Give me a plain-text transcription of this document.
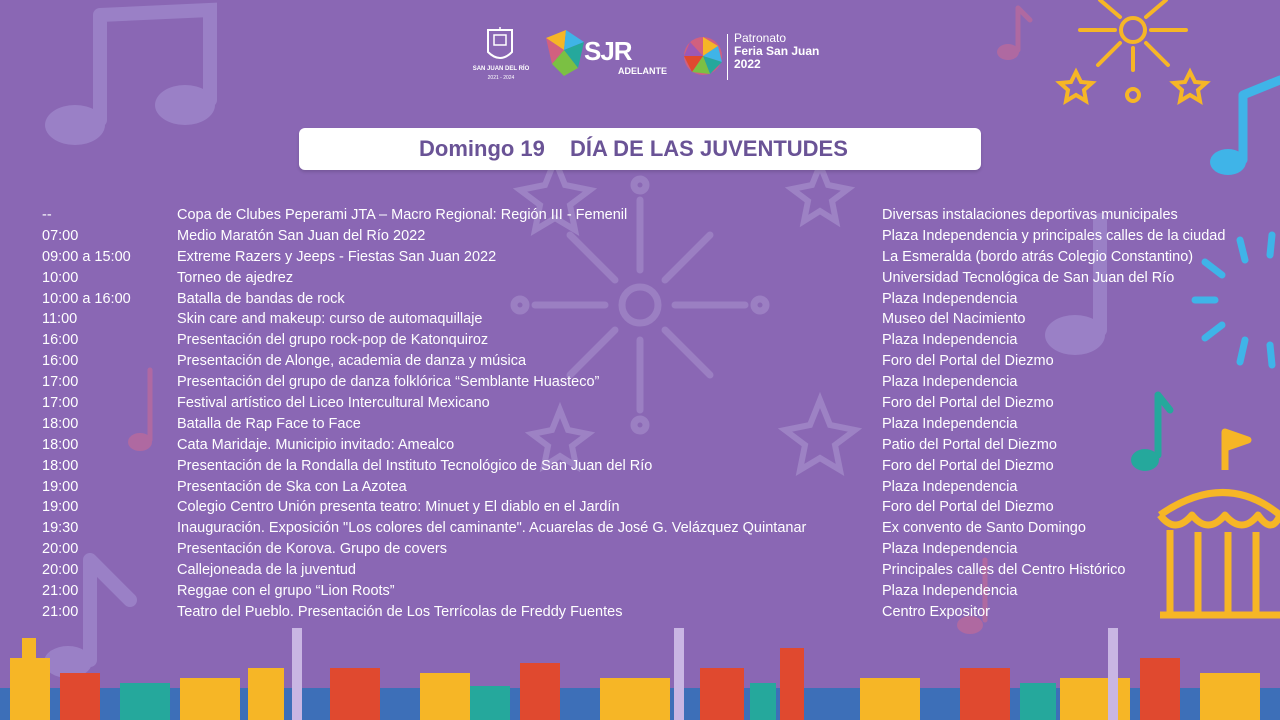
SAN JUAN DEL RÍO
2021 - 2024
SJR
ADELANTE
Patronato
Feria San Juan
2022
Domingo 19 DÍA DE LAS JUVENTUDES
--	Copa de Clubes Peperami JTA – Macro Regional: Región III - Femenil	Diversas instalaciones deportivas municipales
07:00	Medio Maratón San Juan del Río 2022	Plaza Independencia y principales calles de la ciudad
09:00 a 15:00	Extreme Razers y Jeeps - Fiestas San Juan 2022	La Esmeralda (bordo atrás Colegio Constantino)
10:00	Torneo de ajedrez	Universidad Tecnológica de San Juan del Río
10:00 a 16:00	Batalla de bandas de rock	Plaza Independencia
11:00	Skin care and makeup: curso de automaquillaje	Museo del Nacimiento
16:00	Presentación del grupo rock-pop de Katonquiroz	Plaza Independencia
16:00	Presentación de Alonge, academia de danza y música	Foro del Portal del Diezmo
17:00	Presentación del grupo de danza folklórica “Semblante Huasteco”	Plaza Independencia
17:00	Festival artístico del Liceo Intercultural Mexicano	Foro del Portal del Diezmo
18:00	Batalla de Rap Face to Face	Plaza Independencia
18:00	Cata Maridaje. Municipio invitado: Amealco	Patio del Portal del Diezmo
18:00	Presentación de la Rondalla del Instituto Tecnológico de San Juan del Río	Foro del Portal del Diezmo
19:00	Presentación de Ska con La Azotea	Plaza Independencia
19:00	Colegio Centro Unión presenta teatro: Minuet y El diablo en el Jardín	Foro del Portal del Diezmo
19:30	Inauguración. Exposición "Los colores del caminante". Acuarelas de José G. Velázquez Quintanar	Ex convento de Santo Domingo
20:00	Presentación de Korova. Grupo de covers	Plaza Independencia
20:00	Callejoneada de la juventud	Principales calles del Centro Histórico
21:00	Reggae con el grupo “Lion Roots”	Plaza Independencia
21:00	Teatro del Pueblo. Presentación de Los Terrícolas de Freddy Fuentes	Centro Expositor
